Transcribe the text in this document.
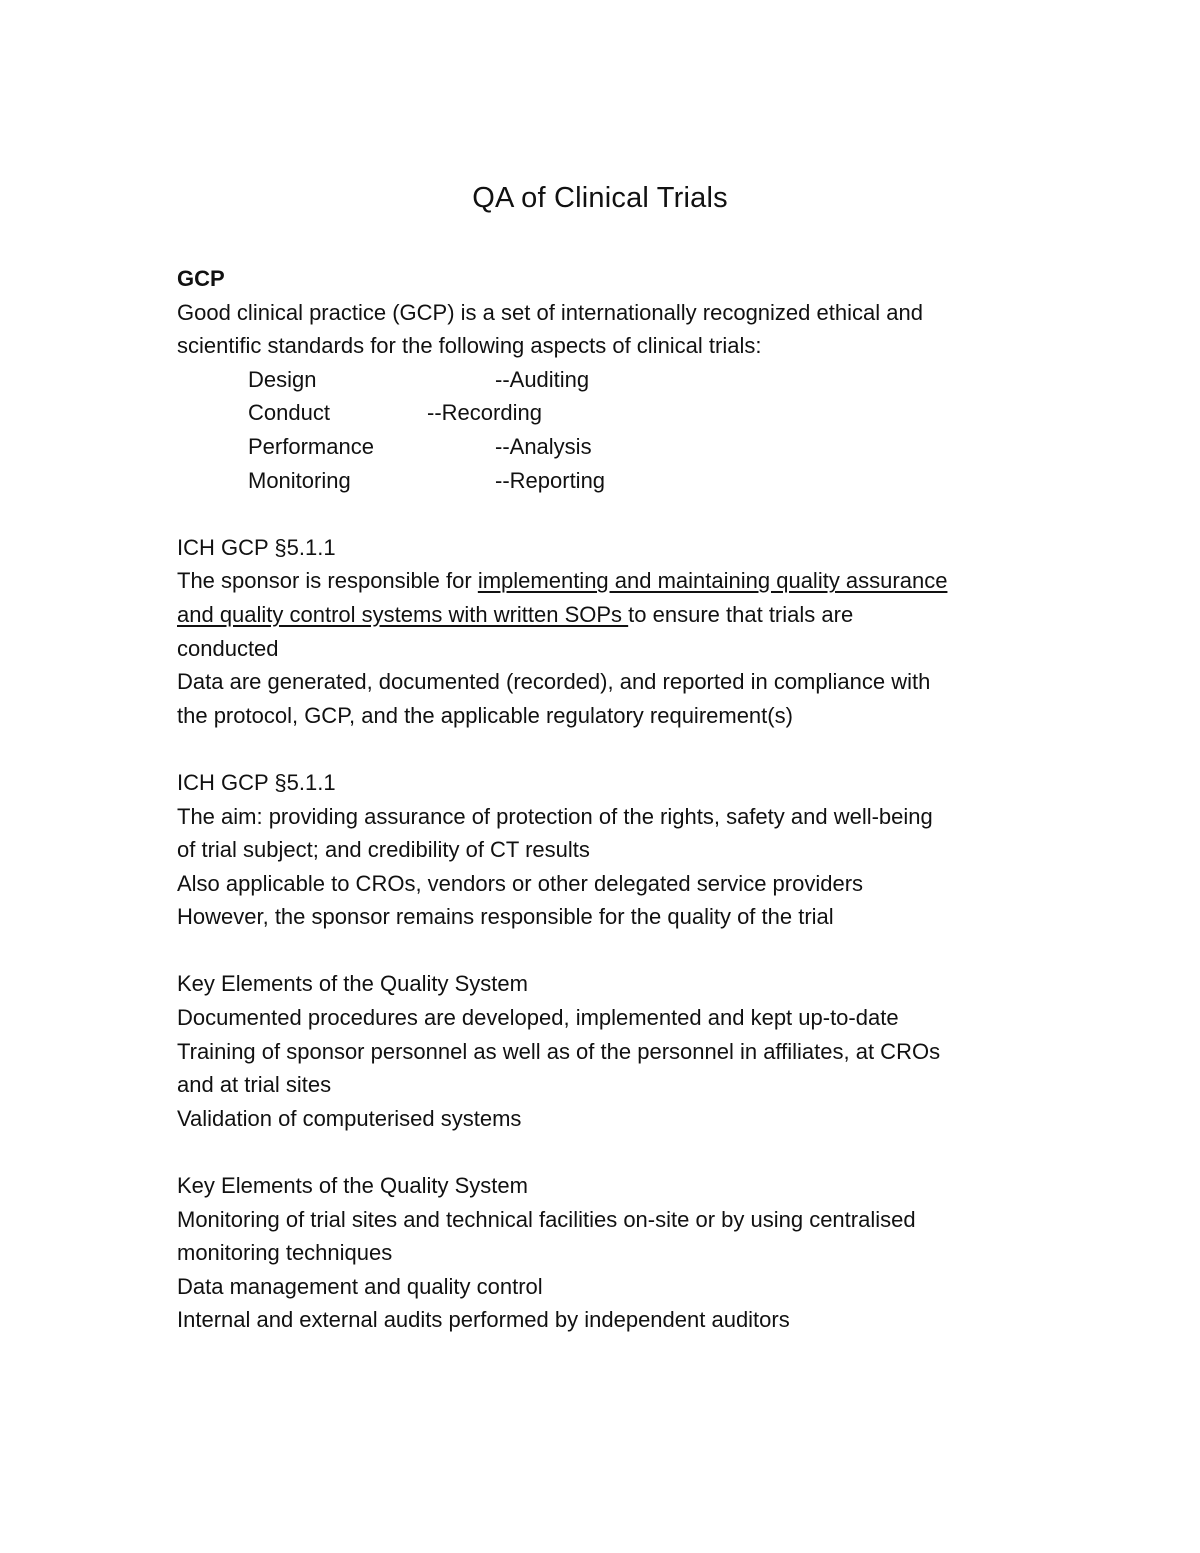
QA of Clinical Trials
GCP
Good clinical practice (GCP) is a set of internationally recognized ethical and
scientific standards for the following aspects of clinical trials:
Design	--Auditing
Conduct	--Recording
Performance	--Analysis
Monitoring	--Reporting
ICH GCP §5.1.1
The sponsor is responsible for implementing and maintaining quality assurance
and quality control systems with written SOPs to ensure that trials are
conducted
Data are generated, documented (recorded), and reported in compliance with
the protocol, GCP, and the applicable regulatory requirement(s)
ICH GCP §5.1.1
The aim: providing assurance of protection of the rights, safety and well-being
of trial subject; and credibility of CT results
Also applicable to CROs, vendors or other delegated service providers
However, the sponsor remains responsible for the quality of the trial
Key Elements of the Quality System
Documented procedures are developed, implemented and kept up-to-date
Training of sponsor personnel as well as of the personnel in affiliates, at CROs
and at trial sites
Validation of computerised systems
Key Elements of the Quality System
Monitoring of trial sites and technical facilities on-site or by using centralised
monitoring techniques
Data management and quality control
Internal and external audits performed by independent auditors
